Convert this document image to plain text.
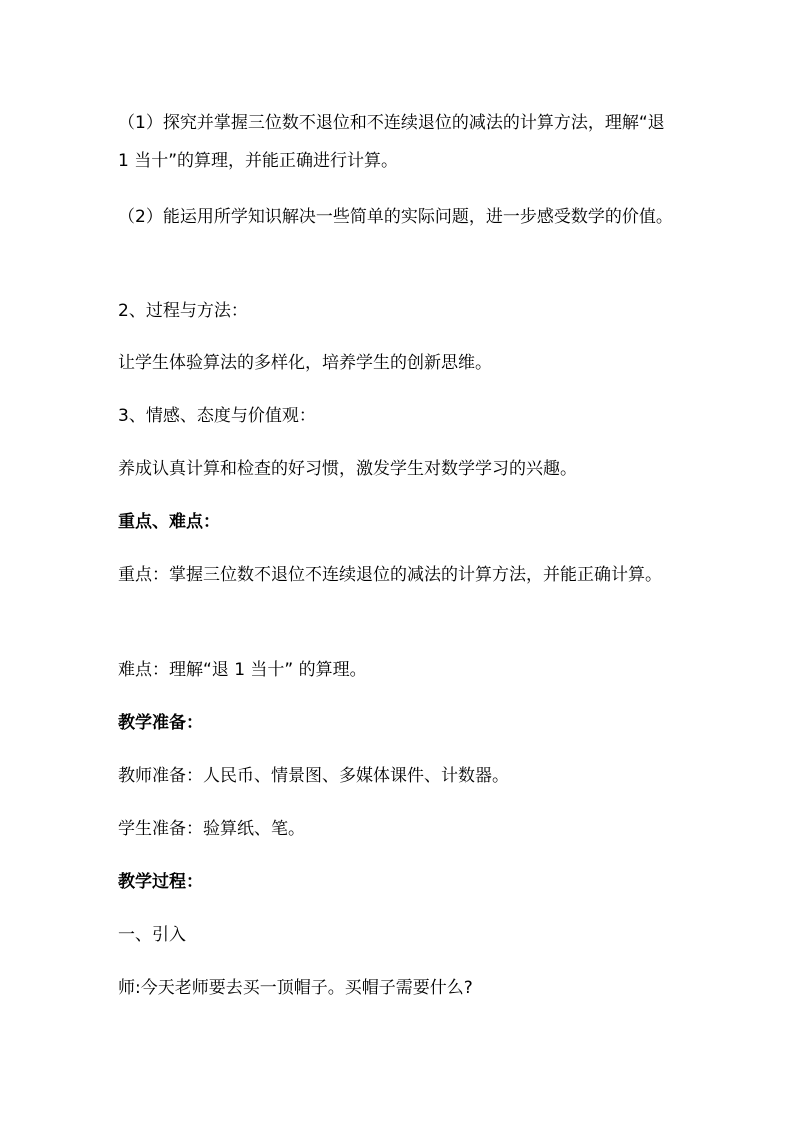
（1）探究并掌握三位数不退位和不连续退位的减法的计算方法，理解“退 1 当十”的算理，并能正确进行计算。
（2）能运用所学知识解决一些简单的实际问题，进一步感受数学的价值。
2、过程与方法：
让学生体验算法的多样化，培养学生的创新思维。
3、情感、态度与价值观：
养成认真计算和检查的好习惯，激发学生对数学学习的兴趣。
重点、难点：
重点：掌握三位数不退位不连续退位的减法的计算方法，并能正确计算。
难点：理解“退 1 当十” 的算理。
教学准备：
教师准备：人民币、情景图、多媒体课件、计数器。
学生准备：验算纸、笔。
教学过程：
一、引入
师:今天老师要去买一顶帽子。买帽子需要什么?
